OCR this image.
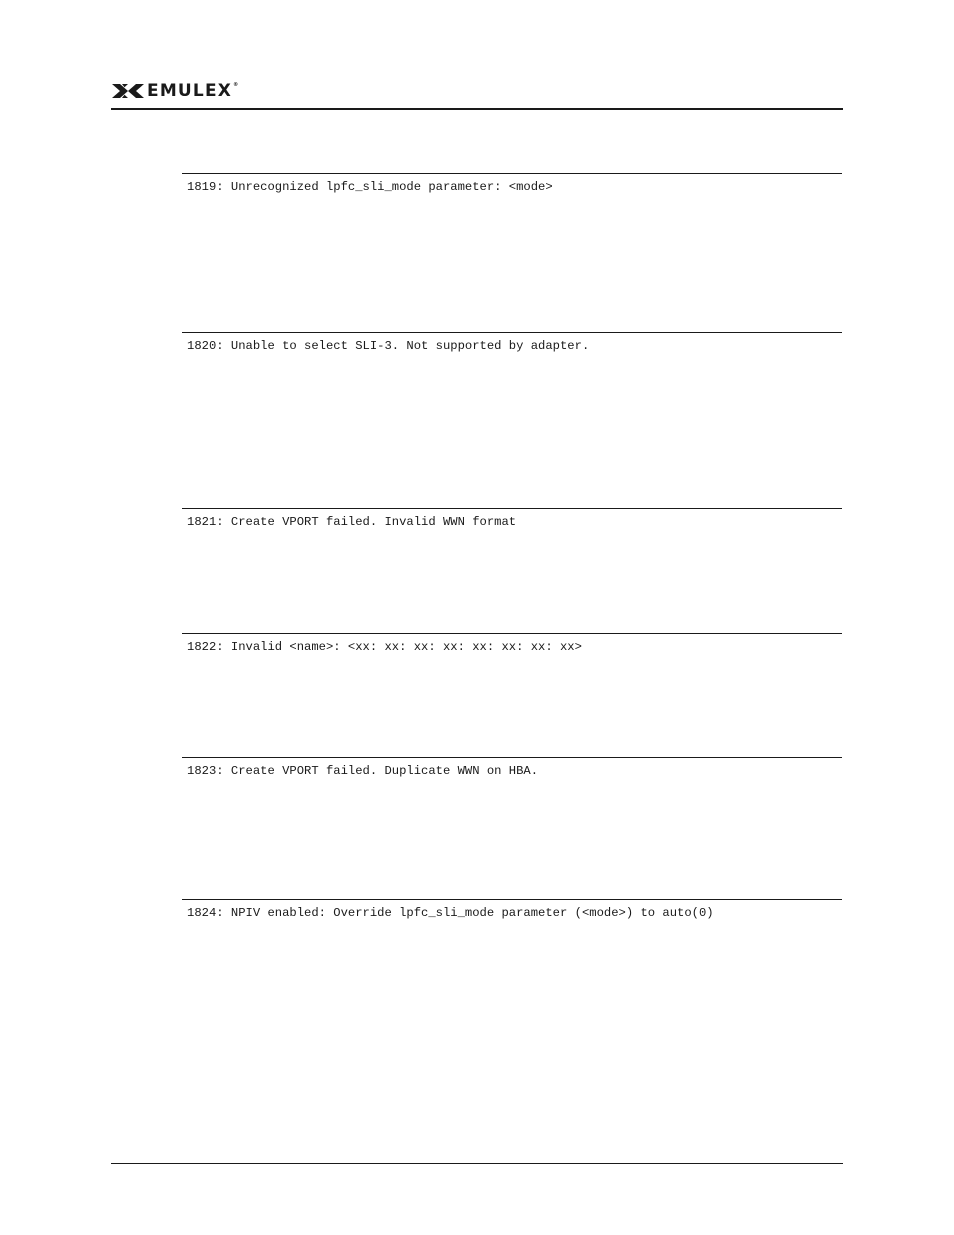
EMULEX®
1819: Unrecognized lpfc_sli_mode parameter: <mode>
1820: Unable to select SLI-3. Not supported by adapter.
1821: Create VPORT failed. Invalid WWN format
1822: Invalid <name>: <xx: xx: xx: xx: xx: xx: xx: xx>
1823: Create VPORT failed. Duplicate WWN on HBA.
1824: NPIV enabled: Override lpfc_sli_mode parameter (<mode>) to auto(0)
